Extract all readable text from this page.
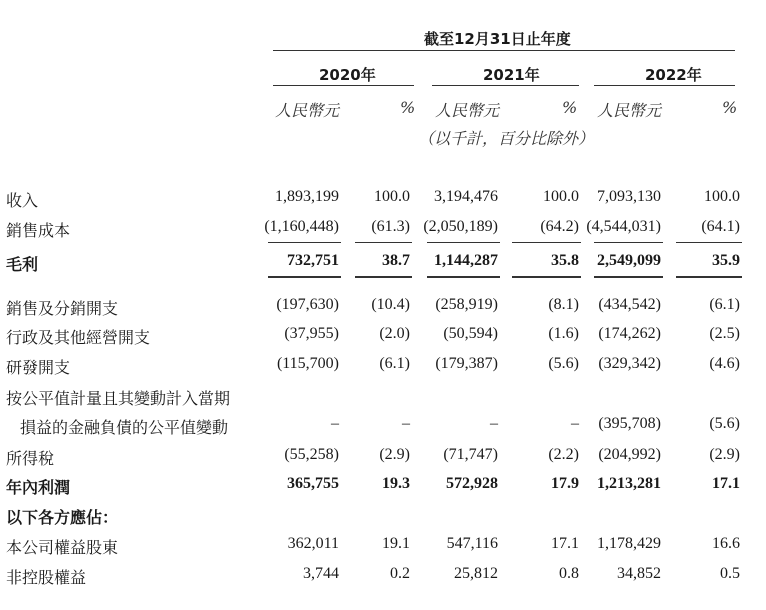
截至12月31日止年度
2020年	2021年	2022年
人民幣元	% 人民幣元	% 人民幣元	%
（以千計，百分比除外）
收入	1,893,199 100.0 3,194,476	100.0 7,093,130	100.0
銷售成本	(1,160,448) (61.3) (2,050,189)	(64.2) (4,544,031)	(64.1)
毛利	732,751	38.7 1,144,287	35.8 2,549,099	35.9
銷售及分銷開支	(197,630) (10.4) (258,919)	(8.1) (434,542)	(6.1)
行政及其他經營開支	(37,955)	(2.0) (50,594)	(1.6) (174,262)	(2.5)
研發開支	(115,700)	(6.1) (179,387)	(5.6) (329,342)	(4.6)
按公平值計量且其變動計入當期
損益的金融負債的公平值變動	–	–	–	– (395,708)	(5.6)
所得稅	(55,258)	(2.9) (71,747)	(2.2) (204,992)	(2.9)
年內利潤	365,755	19.3 572,928	17.9 1,213,281	17.1
以下各方應佔：
本公司權益股東	362,011	19.1 547,116	17.1 1,178,429	16.6
非控股權益	3,744	0.2	25,812	0.8 34,852	0.5
